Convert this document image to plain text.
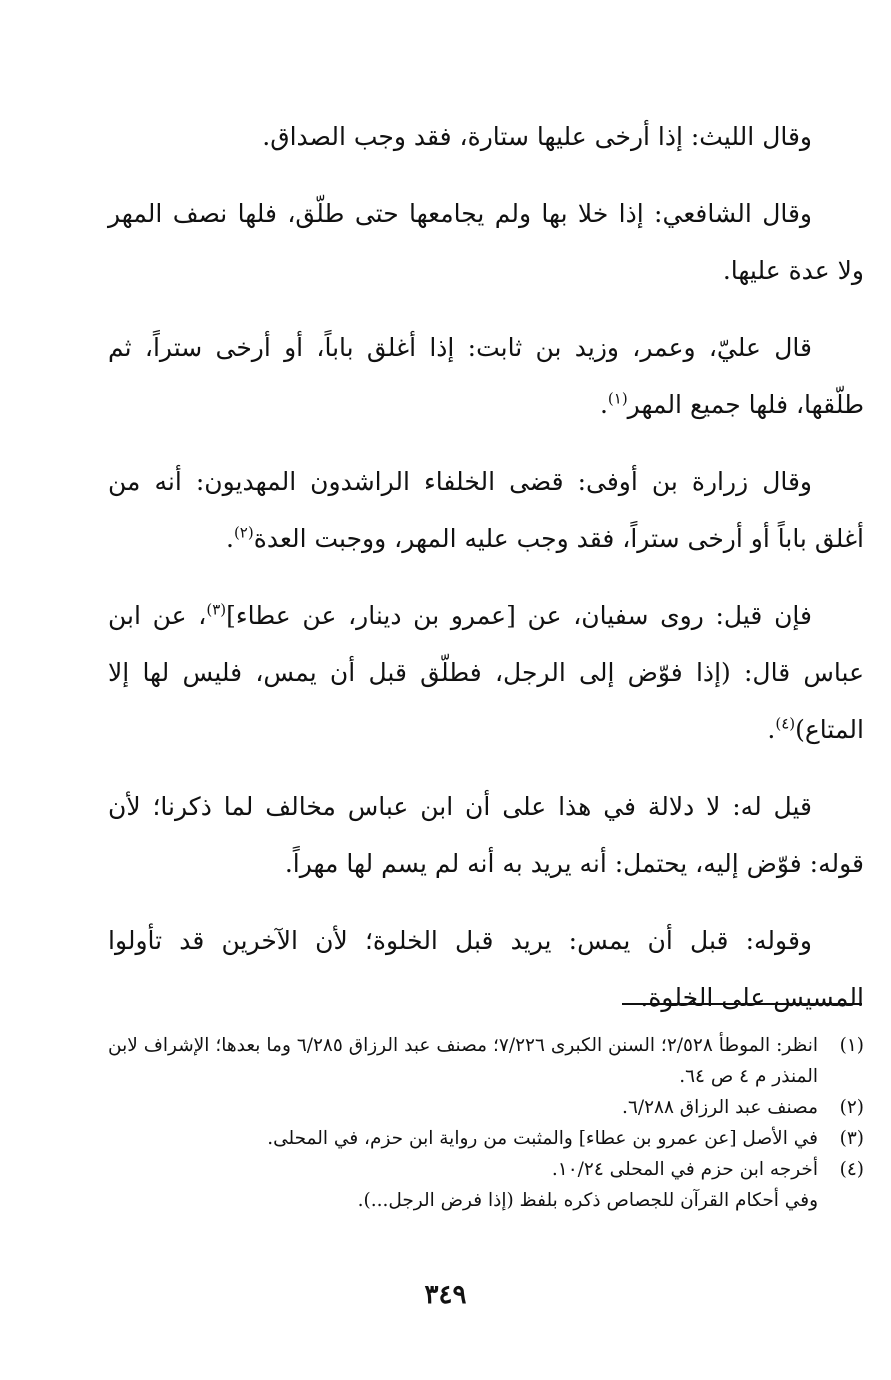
وقال الليث: إذا أرخى عليها ستارة، فقد وجب الصداق.

وقال الشافعي: إذا خلا بها ولم يجامعها حتى طلّق، فلها نصف المهر ولا عدة عليها.

قال عليّ، وعمر، وزيد بن ثابت: إذا أغلق باباً، أو أرخى ستراً، ثم طلّقها، فلها جميع المهر$^{(١)}$.

وقال زرارة بن أوفى: قضى الخلفاء الراشدون المهديون: أنه من أغلق باباً أو أرخى ستراً، فقد وجب عليه المهر، ووجبت العدة$^{(٢)}$.

فإن قيل: روى سفيان، عن [عمرو بن دينار، عن عطاء]$^{(٣)}$، عن ابن عباس قال: (إذا فوّض إلى الرجل، فطلّق قبل أن يمس، فليس لها إلا المتاع)$^{(٤)}$.

قيل له: لا دلالة في هذا على أن ابن عباس مخالف لما ذكرنا؛ لأن قوله: فوّض إليه، يحتمل: أنه يريد به أنه لم يسم لها مهراً.

وقوله: قبل أن يمس: يريد قبل الخلوة؛ لأن الآخرين قد تأولوا المسيس على الخلوة.

(١)
انظر: الموطأ ٢/٥٢٨؛ السنن الكبرى ٧/٢٢٦؛ مصنف عبد الرزاق ٦/٢٨٥ وما بعدها؛ الإشراف لابن المنذر م ٤ ص ٦٤.
(٢)
مصنف عبد الرزاق ٦/٢٨٨.
(٣)
في الأصل [عن عمرو بن عطاء] والمثبت من رواية ابن حزم، في المحلى.
(٤)
أخرجه ابن حزم في المحلى ١٠/٢٤.
وفي أحكام القرآن للجصاص ذكره بلفظ (إذا فرض الرجل...).
٣٤٩
